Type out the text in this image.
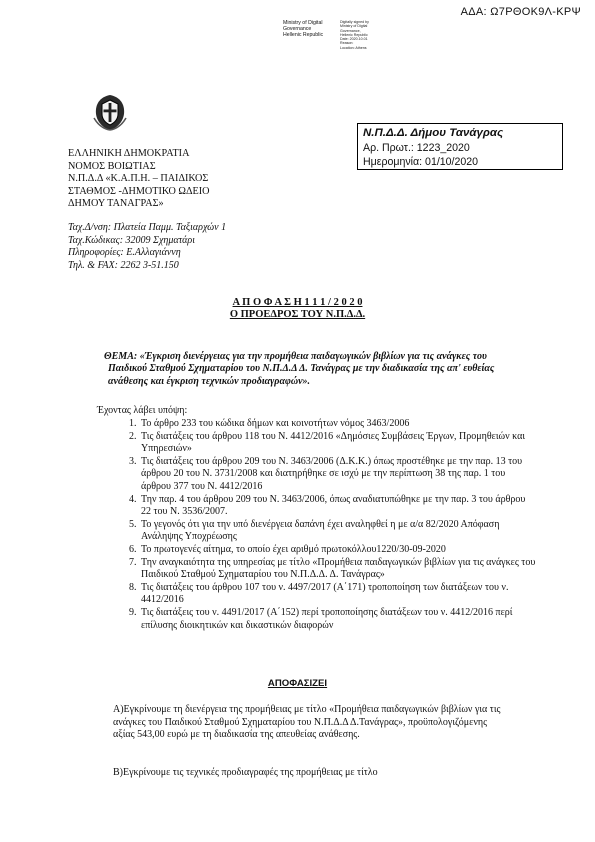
ΑΔΑ: Ω7ΡΘΟΚ9Λ-ΚΡΨ
Ministry of Digital
Governance
Hellenic Republic
Digitally signed by
Ministry of Digital
Governance,
Hellenic Republic
Date: 2020.10.01
Reason:
Location: Athens
Ν.Π.Δ.Δ. Δήμου Τανάγρας
Αρ. Πρωτ.: 1223_2020
Ημερομηνία: 01/10/2020
ΕΛΛΗΝΙΚΗ ΔΗΜΟΚΡΑΤΙΑ
ΝΟΜΟΣ ΒΟΙΩΤΙΑΣ
Ν.Π.Δ.Δ «Κ.Α.Π.Η. – ΠΑΙΔΙΚΟΣ
ΣΤΑΘΜΟΣ -ΔΗΜΟΤΙΚΟ ΩΔΕΙΟ
ΔΗΜΟΥ ΤΑΝΑΓΡΑΣ»
Ταχ.Δ/νση: Πλατεία Παμμ. Ταξιαρχών 1
Ταχ.Κώδικας: 32009 Σχηματάρι
Πληροφορίες: Ε.Αλλαγιάννη
Τηλ. & FAX: 2262 3-51.150
Α Π Ο Φ Α Σ Η 1 1 1 / 2 0 2 0
Ο ΠΡΟΕΔΡΟΣ ΤΟΥ Ν.Π.Δ.Δ.
ΘΕΜΑ: «Έγκριση διενέργειας για την προμήθεια παιδαγωγικών βιβλίων για τις ανάγκες του Παιδικού Σταθμού Σχηματαρίου του Ν.Π.Δ.Δ Δ. Τανάγρας με την διαδικασία της απ' ευθείας ανάθεσης και έγκριση τεχνικών προδιαγραφών».
Έχοντας λάβει υπόψη:
1. Το άρθρο 233 του κώδικα δήμων και κοινοτήτων νόμος 3463/2006
2. Τις διατάξεις του άρθρου 118 του Ν. 4412/2016 «Δημόσιες Συμβάσεις Έργων, Προμηθειών και Υπηρεσιών»
3. Τις διατάξεις του άρθρου 209 του Ν. 3463/2006 (Δ.Κ.Κ.) όπως προστέθηκε με την παρ. 13 του άρθρου 20 του Ν. 3731/2008 και διατηρήθηκε σε ισχύ με την περίπτωση 38 της παρ. 1 του άρθρου 377 του Ν. 4412/2016
4. Την παρ. 4 του άρθρου 209 του Ν. 3463/2006, όπως αναδιατυπώθηκε με την παρ. 3 του άρθρου 22 του Ν. 3536/2007.
5. Το γεγονός ότι για την υπό διενέργεια δαπάνη έχει αναληφθεί η με α/α 82/2020 Απόφαση Ανάληψης Υποχρέωσης
6. Το πρωτογενές αίτημα, το οποίο έχει αριθμό πρωτοκόλλου1220/30-09-2020
7. Την αναγκαιότητα της υπηρεσίας με τίτλο «Προμήθεια παιδαγωγικών βιβλίων για τις ανάγκες του Παιδικού Σταθμού Σχηματαρίου του Ν.Π.Δ.Δ. Δ. Τανάγρας»
8. Τις διατάξεις του άρθρου 107 του ν. 4497/2017 (Α΄171) τροποποίηση των διατάξεων του ν. 4412/2016
9. Τις διατάξεις του ν. 4491/2017 (Α΄152) περί τροποποίησης διατάξεων του ν. 4412/2016 περί επίλυσης διοικητικών και δικαστικών διαφορών
ΑΠΟΦΑΣΙΖΕΙ
Α)Εγκρίνουμε τη διενέργεια της προμήθειας με τίτλο «Προμήθεια παιδαγωγικών βιβλίων για τις ανάγκες του Παιδικού Σταθμού Σχηματαρίου του Ν.Π.Δ.Δ Δ.Τανάγρας», προϋπολογιζόμενης αξίας 543,00 ευρώ με τη διαδικασία της απευθείας ανάθεσης.
Β)Εγκρίνουμε τις τεχνικές προδιαγραφές της προμήθειας με τίτλο
